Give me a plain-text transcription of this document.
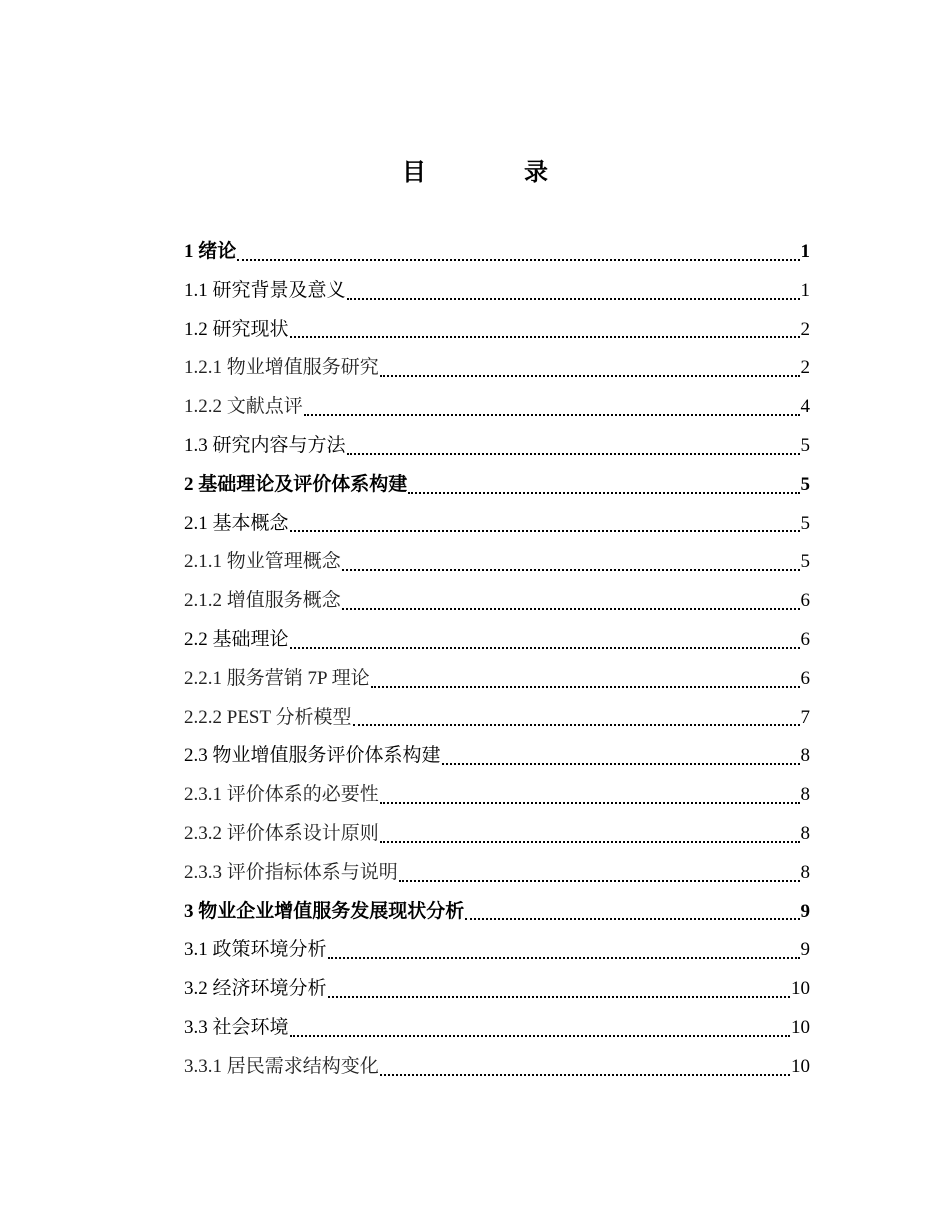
目 录
1 绪论	1
1.1 研究背景及意义	1
1.2 研究现状	2
1.2.1 物业增值服务研究	2
1.2.2 文献点评	4
1.3 研究内容与方法	5
2 基础理论及评价体系构建	5
2.1 基本概念	5
2.1.1 物业管理概念	5
2.1.2 增值服务概念	6
2.2 基础理论	6
2.2.1 服务营销 7P 理论	6
2.2.2 PEST 分析模型	7
2.3 物业增值服务评价体系构建	8
2.3.1 评价体系的必要性	8
2.3.2 评价体系设计原则	8
2.3.3 评价指标体系与说明	8
3 物业企业增值服务发展现状分析	9
3.1 政策环境分析	9
3.2 经济环境分析	10
3.3 社会环境	10
3.3.1 居民需求结构变化	10
